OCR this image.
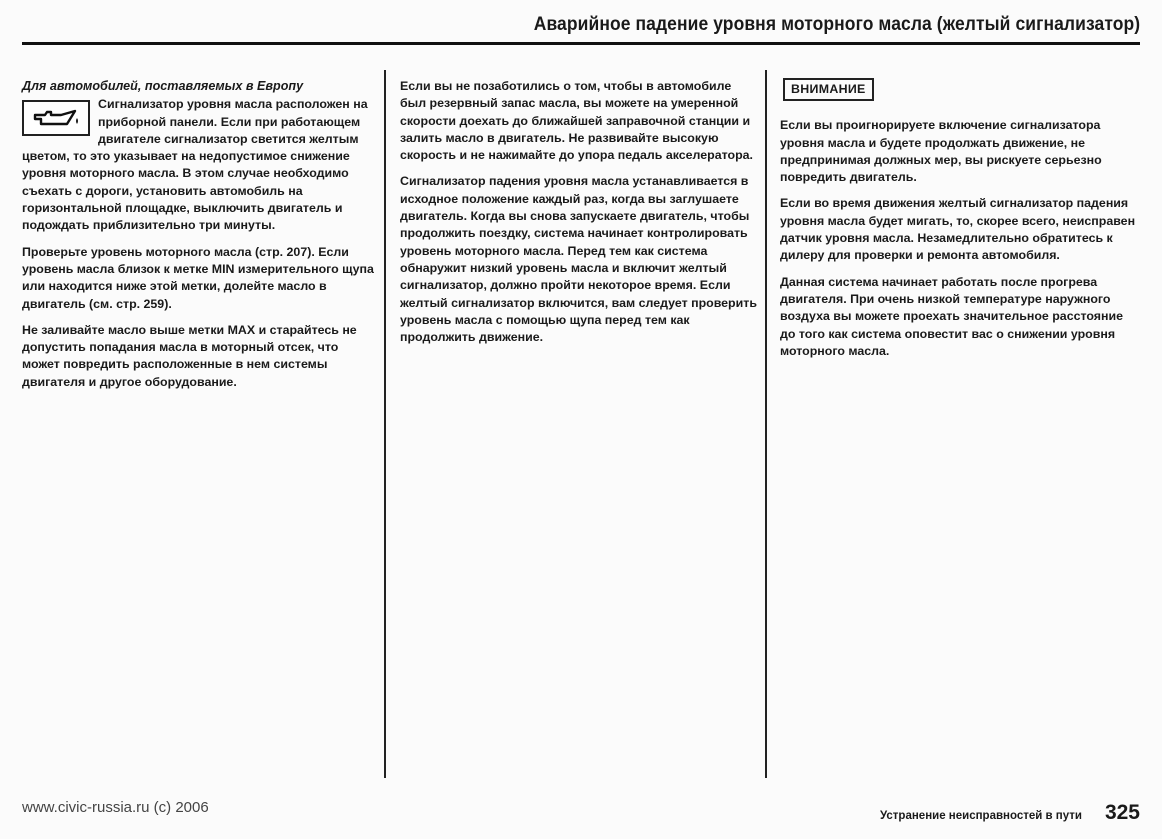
Аварийное падение уровня моторного масла (желтый сигнализатор)
Для автомобилей, поставляемых в Европу

Сигнализатор уровня масла расположен на приборной панели. Если при работающем двигателе сигнализатор светится желтым цветом, то это указывает на недопустимое снижение уровня моторного масла. В этом случае необходимо съехать с дороги, установить автомобиль на горизонтальной площадке, выключить двигатель и подождать приблизительно три минуты.

Проверьте уровень моторного масла (стр. 207). Если уровень масла близок к метке MIN измерительного щупа или находится ниже этой метки, долейте масло в двигатель (см. стр. 259).

Не заливайте масло выше метки MAX и старайтесь не допустить попадания масла в моторный отсек, что может повредить расположенные в нем системы двигателя и другое оборудование.

Если вы не позаботились о том, чтобы в автомобиле был резервный запас масла, вы можете на умеренной скорости доехать до ближайшей заправочной станции и залить масло в двигатель. Не развивайте высокую скорость и не нажимайте до упора педаль акселератора.

Сигнализатор падения уровня масла устанавливается в исходное положение каждый раз, когда вы заглушаете двигатель. Когда вы снова запускаете двигатель, чтобы продолжить поездку, система начинает контролировать уровень моторного масла. Перед тем как система обнаружит низкий уровень масла и включит желтый сигнализатор, должно пройти некоторое время. Если желтый сигнализатор включится, вам следует проверить уровень масла с помощью щупа перед тем как продолжить движение.

ВНИМАНИЕ

Если вы проигнорируете включение сигнализатора уровня масла и будете продолжать движение, не предпринимая должных мер, вы рискуете серьезно повредить двигатель.

Если во время движения желтый сигнализатор падения уровня масла будет мигать, то, скорее всего, неисправен датчик уровня масла. Незамедлительно обратитесь к дилеру для проверки и ремонта автомобиля.

Данная система начинает работать после прогрева двигателя. При очень низкой температуре наружного воздуха вы можете проехать значительное расстояние до того как система оповестит вас о снижении уровня моторного масла.

www.civic-russia.ru (c) 2006	Устранение неисправностей в пути 325
